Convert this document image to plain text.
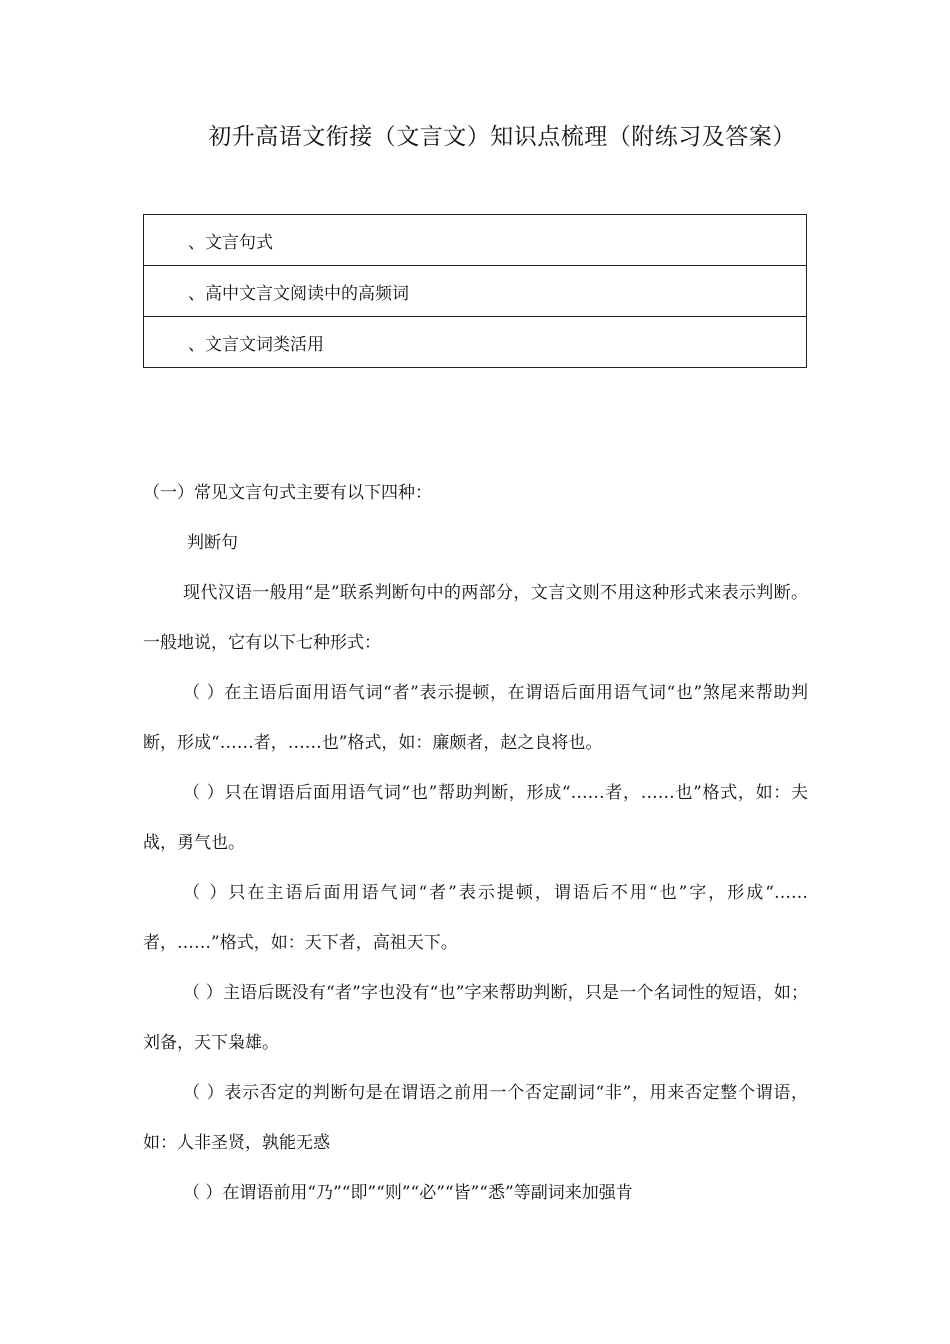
初升高语文衔接（文言文）知识点梳理（附练习及答案）
、文言句式
、高中文言文阅读中的高频词
、文言文词类活用

（一）常见文言句式主要有以下四种：

判断句

现代汉语一般用“是”联系判断句中的两部分，文言文则不用这种形式来表示判断。一般地说，它有以下七种形式：

（ ）在主语后面用语气词“者”表示提顿，在谓语后面用语气词“也”煞尾来帮助判断，形成“……者，……也”格式，如：廉颇者，赵之良将也。

（ ）只在谓语后面用语气词“也”帮助判断，形成“……者，……也”格式，如：夫战，勇气也。

（ ）只在主语后面用语气词“者”表示提顿，谓语后不用“也”字，形成“……者，……”格式，如：天下者，高祖天下。

（ ）主语后既没有“者”字也没有“也”字来帮助判断，只是一个名词性的短语，如；刘备，天下枭雄。

（ ）表示否定的判断句是在谓语之前用一个否定副词“非”，用来否定整个谓语，如：人非圣贤，孰能无惑

（ ）在谓语前用“乃”“即”“则”“必”“皆”“悉”等副词来加强肯
